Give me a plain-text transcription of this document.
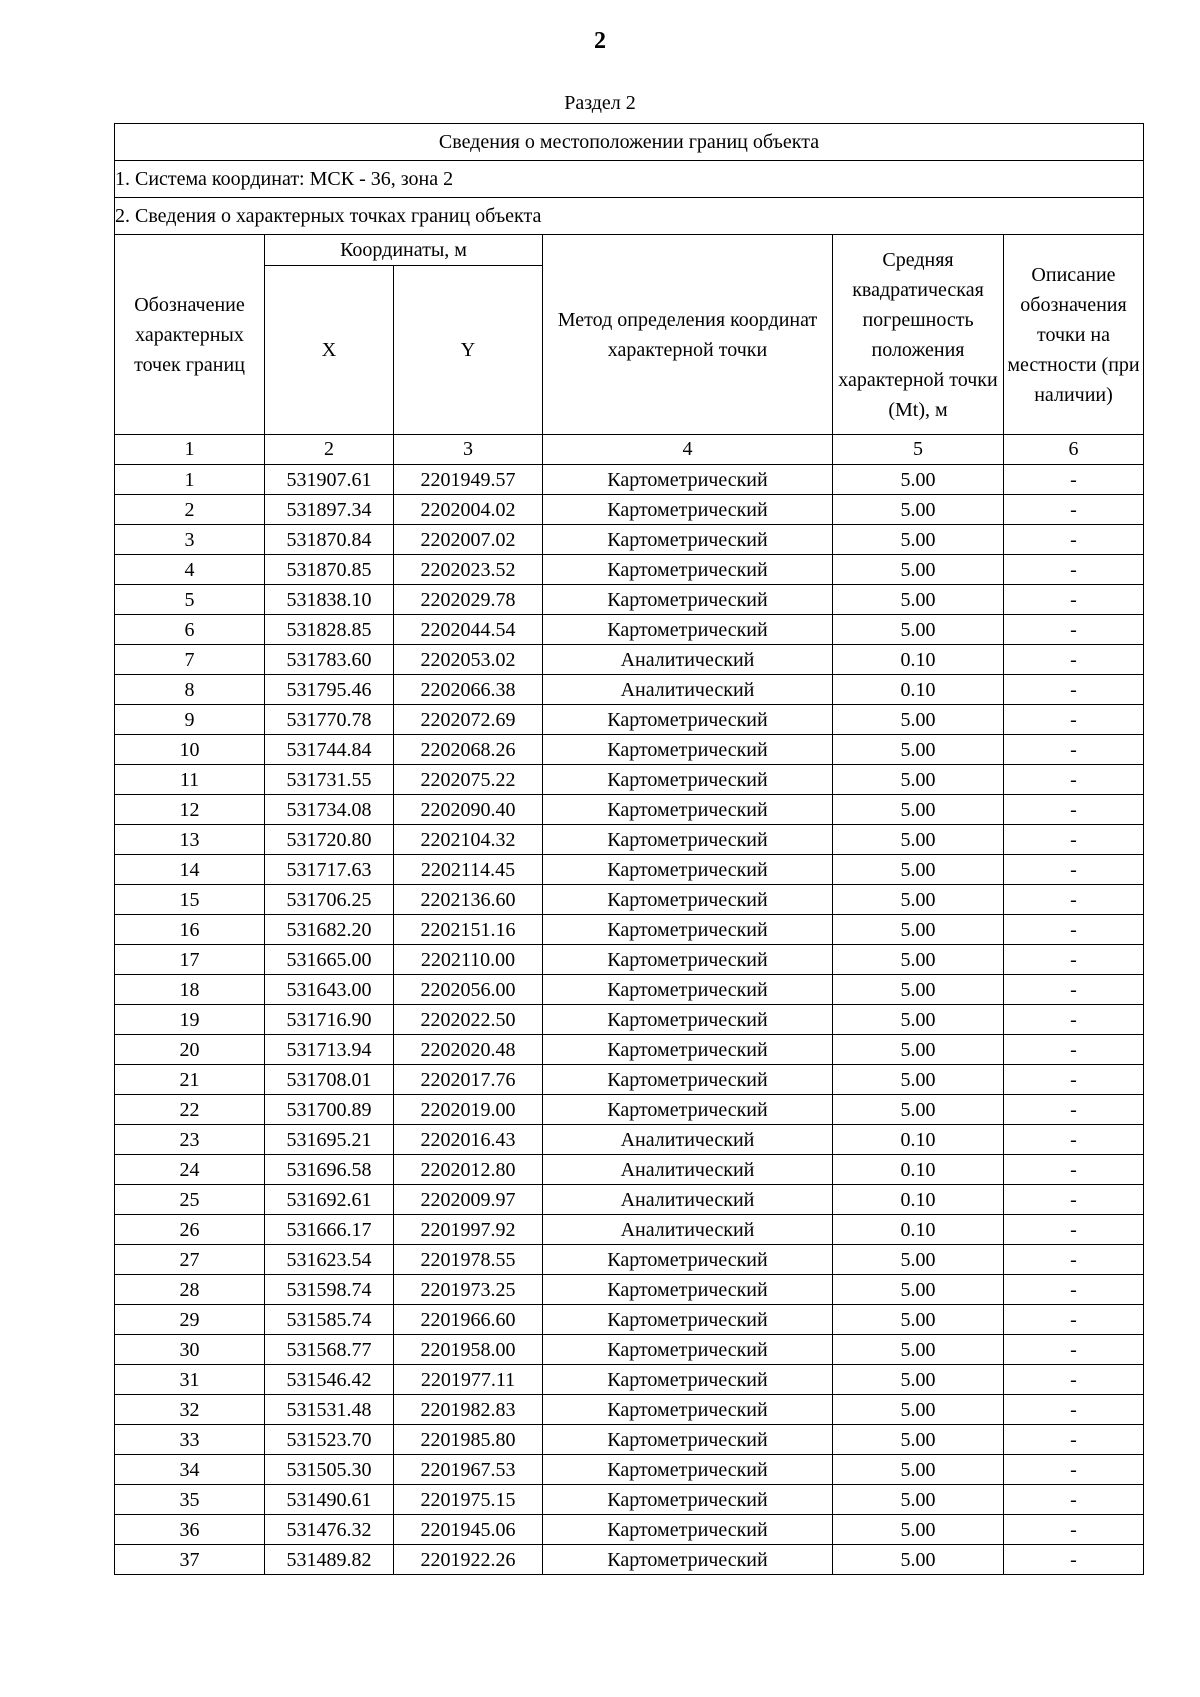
2
Раздел 2
Сведения о местоположении границ объекта					
1. Система координат: МСК - 36, зона 2					
2. Сведения о характерных точках границ объекта					
Обозначение характерных точек границ	Координаты, м		Метод определения координат характерной точки	Средняя квадратическая погрешность положения характерной точки (Mt), м	Описание обозначения точки на местности (при наличии)
	X	Y			
1	2	3	4	5	6
1	531907.61	2201949.57	Картометрический	5.00	-
2	531897.34	2202004.02	Картометрический	5.00	-
3	531870.84	2202007.02	Картометрический	5.00	-
4	531870.85	2202023.52	Картометрический	5.00	-
5	531838.10	2202029.78	Картометрический	5.00	-
6	531828.85	2202044.54	Картометрический	5.00	-
7	531783.60	2202053.02	Аналитический	0.10	-
8	531795.46	2202066.38	Аналитический	0.10	-
9	531770.78	2202072.69	Картометрический	5.00	-
10	531744.84	2202068.26	Картометрический	5.00	-
11	531731.55	2202075.22	Картометрический	5.00	-
12	531734.08	2202090.40	Картометрический	5.00	-
13	531720.80	2202104.32	Картометрический	5.00	-
14	531717.63	2202114.45	Картометрический	5.00	-
15	531706.25	2202136.60	Картометрический	5.00	-
16	531682.20	2202151.16	Картометрический	5.00	-
17	531665.00	2202110.00	Картометрический	5.00	-
18	531643.00	2202056.00	Картометрический	5.00	-
19	531716.90	2202022.50	Картометрический	5.00	-
20	531713.94	2202020.48	Картометрический	5.00	-
21	531708.01	2202017.76	Картометрический	5.00	-
22	531700.89	2202019.00	Картометрический	5.00	-
23	531695.21	2202016.43	Аналитический	0.10	-
24	531696.58	2202012.80	Аналитический	0.10	-
25	531692.61	2202009.97	Аналитический	0.10	-
26	531666.17	2201997.92	Аналитический	0.10	-
27	531623.54	2201978.55	Картометрический	5.00	-
28	531598.74	2201973.25	Картометрический	5.00	-
29	531585.74	2201966.60	Картометрический	5.00	-
30	531568.77	2201958.00	Картометрический	5.00	-
31	531546.42	2201977.11	Картометрический	5.00	-
32	531531.48	2201982.83	Картометрический	5.00	-
33	531523.70	2201985.80	Картометрический	5.00	-
34	531505.30	2201967.53	Картометрический	5.00	-
35	531490.61	2201975.15	Картометрический	5.00	-
36	531476.32	2201945.06	Картометрический	5.00	-
37	531489.82	2201922.26	Картометрический	5.00	-
